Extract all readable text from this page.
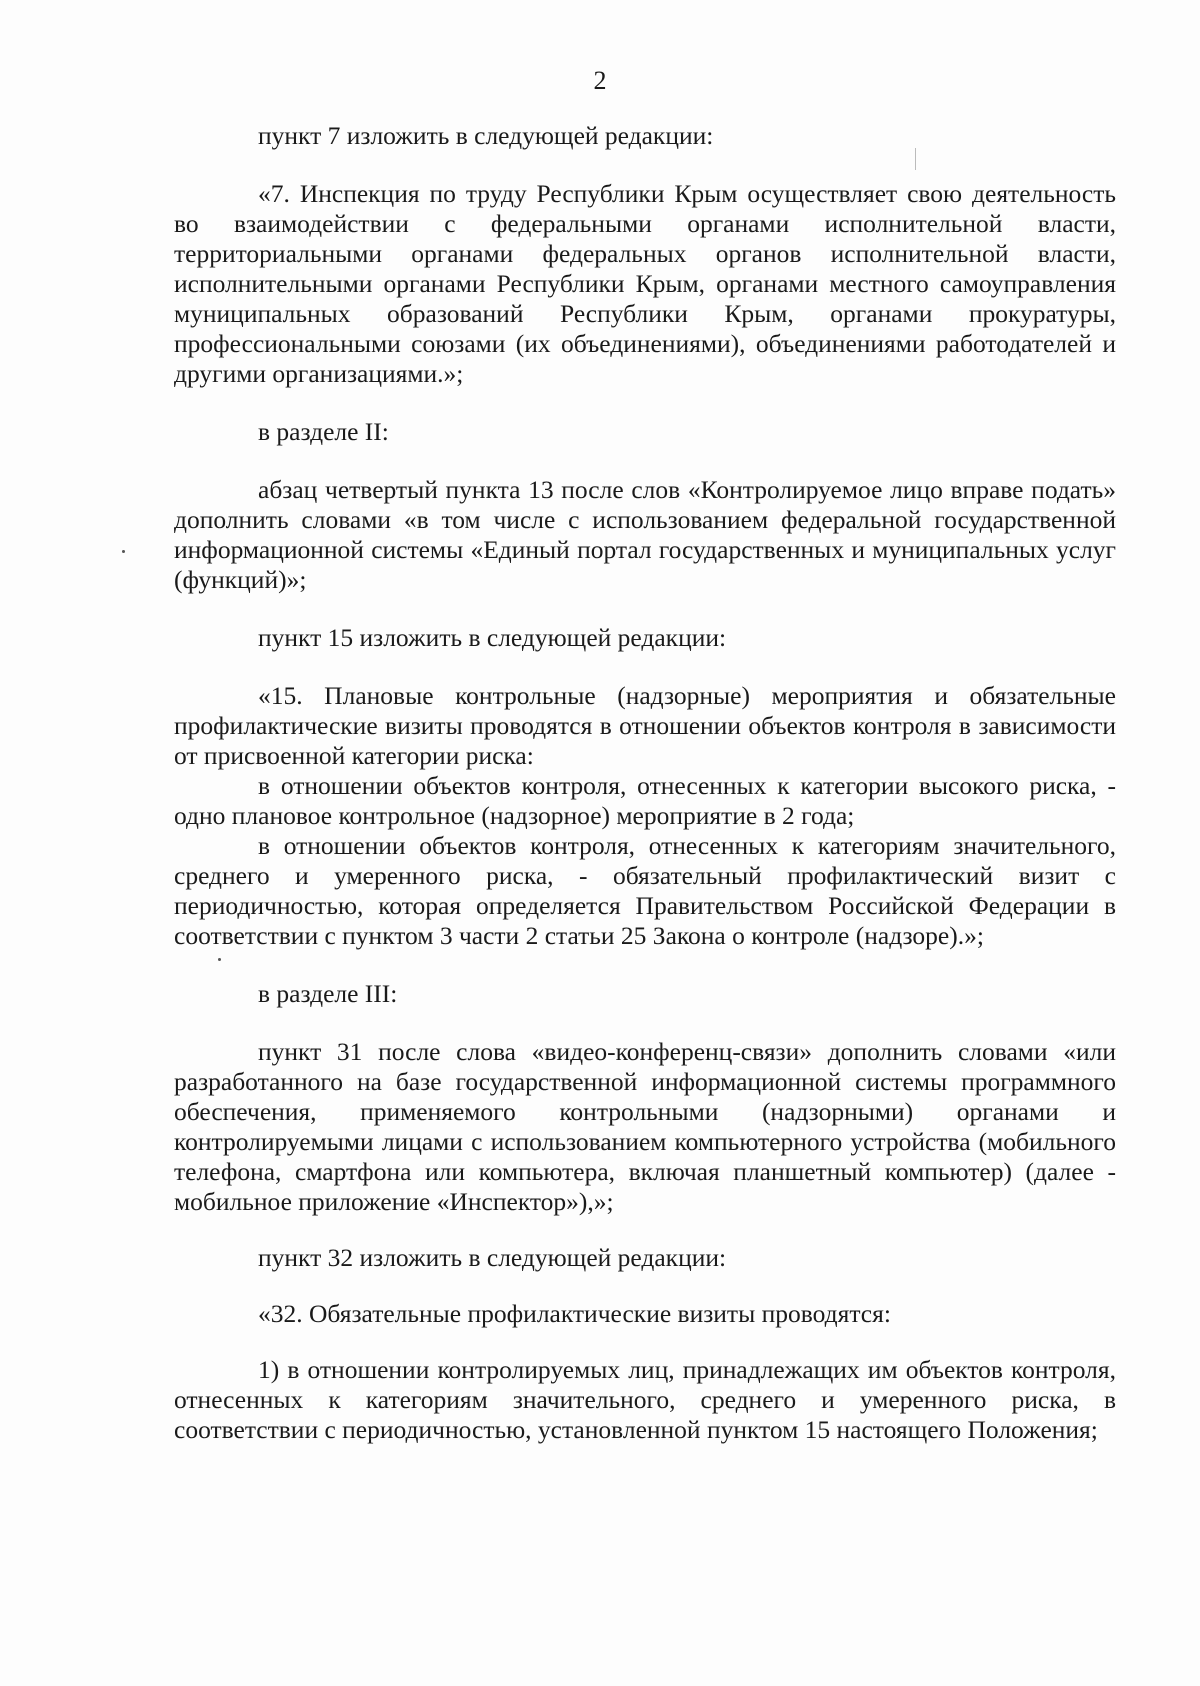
2

пункт 7 изложить в следующей редакции:

«7. Инспекция по труду Республики Крым осуществляет свою деятельность во взаимодействии с федеральными органами исполнительной власти, территориальными органами федеральных органов исполнительной власти, исполнительными органами Республики Крым, органами местного самоуправления муниципальных образований Республики Крым, органами прокуратуры, профессиональными союзами (их объединениями), объединениями работодателей и другими организациями.»;

в разделе II:

абзац четвертый пункта 13 после слов «Контролируемое лицо вправе подать» дополнить словами «в том числе с использованием федеральной государственной информационной системы «Единый портал государственных и муниципальных услуг (функций)»;

пункт 15 изложить в следующей редакции:

«15. Плановые контрольные (надзорные) мероприятия и обязательные профилактические визиты проводятся в отношении объектов контроля в зависимости от присвоенной категории риска:

в отношении объектов контроля, отнесенных к категории высокого риска, - одно плановое контрольное (надзорное) мероприятие в 2 года;

в отношении объектов контроля, отнесенных к категориям значительного, среднего и умеренного риска, - обязательный профилактический визит с периодичностью, которая определяется Правительством Российской Федерации в соответствии с пунктом 3 части 2 статьи 25 Закона о контроле (надзоре).»;

в разделе III:

пункт 31 после слова «видео-конференц-связи» дополнить словами «или разработанного на базе государственной информационной системы программного обеспечения, применяемого контрольными (надзорными) органами и контролируемыми лицами с использованием компьютерного устройства (мобильного телефона, смартфона или компьютера, включая планшетный компьютер) (далее - мобильное приложение «Инспектор»),»;

пункт 32 изложить в следующей редакции:

«32. Обязательные профилактические визиты проводятся:

1) в отношении контролируемых лиц, принадлежащих им объектов контроля, отнесенных к категориям значительного, среднего и умеренного риска, в соответствии с периодичностью, установленной пунктом 15 настоящего Положения;
